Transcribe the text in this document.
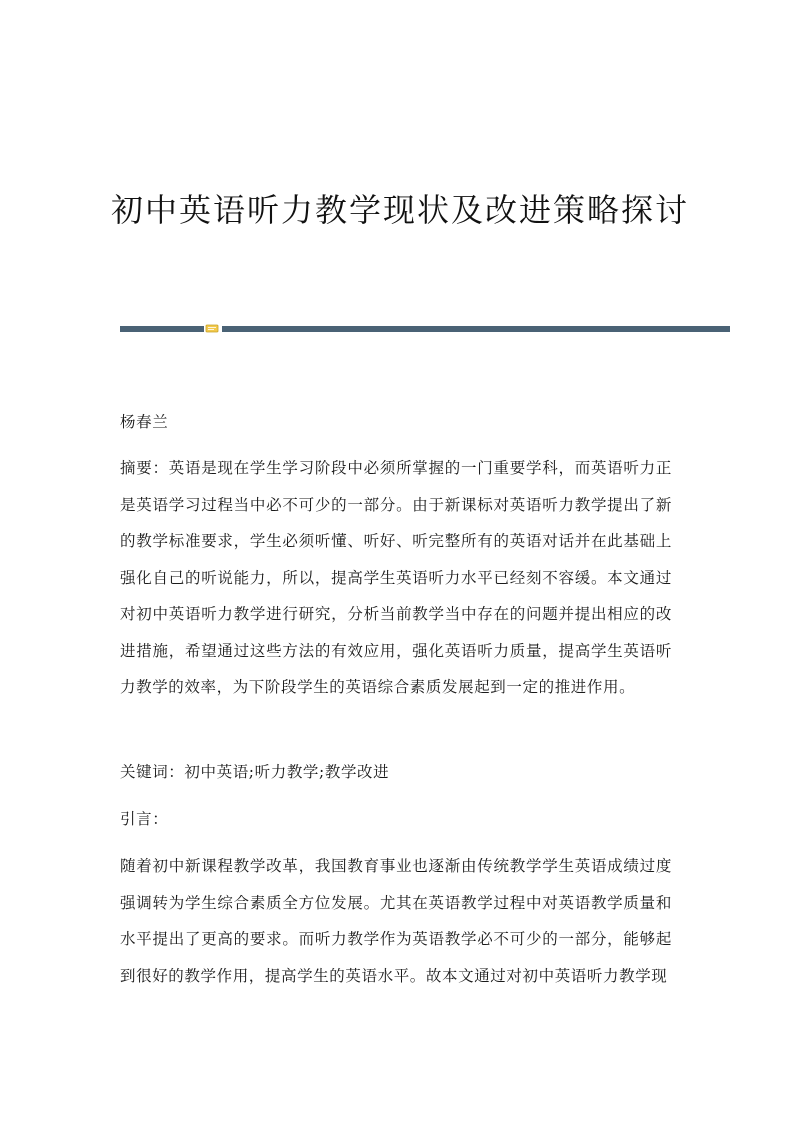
初中英语听力教学现状及改进策略探讨
杨春兰
摘要：英语是现在学生学习阶段中必须所掌握的一门重要学科，而英语听力正是英语学习过程当中必不可少的一部分。由于新课标对英语听力教学提出了新的教学标准要求，学生必须听懂、听好、听完整所有的英语对话并在此基础上强化自己的听说能力，所以，提高学生英语听力水平已经刻不容缓。本文通过对初中英语听力教学进行研究，分析当前教学当中存在的问题并提出相应的改进措施，希望通过这些方法的有效应用，强化英语听力质量，提高学生英语听力教学的效率，为下阶段学生的英语综合素质发展起到一定的推进作用。
关键词：初中英语;听力教学;教学改进
引言：
随着初中新课程教学改革，我国教育事业也逐渐由传统教学学生英语成绩过度强调转为学生综合素质全方位发展。尤其在英语教学过程中对英语教学质量和水平提出了更高的要求。而听力教学作为英语教学必不可少的一部分，能够起到很好的教学作用，提高学生的英语水平。故本文通过对初中英语听力教学现
